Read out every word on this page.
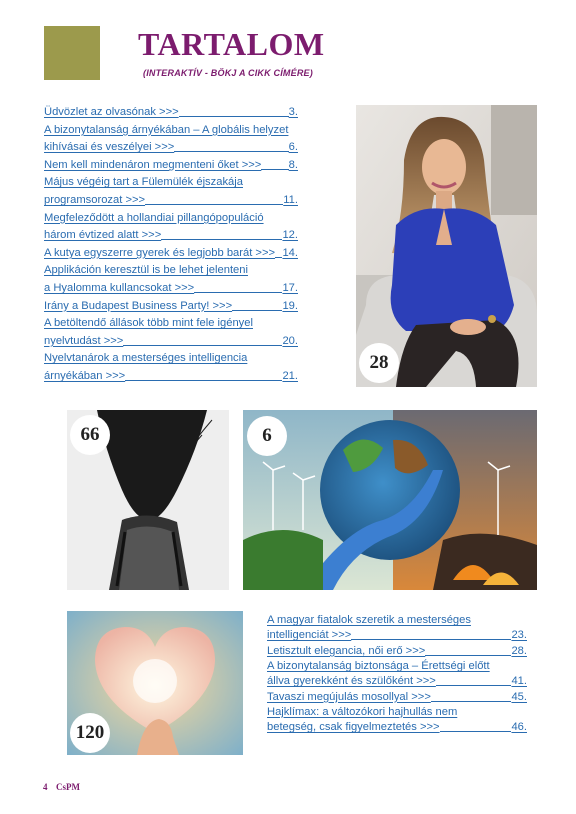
TARTALOM
(INTERAKTÍV - BÖKJ A CIKK CÍMÉRE)
Üdvözlet az olvasónak >>>	3.
A bizonytalanság árnyékában – A globális helyzet
kihívásai és veszélyei >>>	6.
Nem kell mindenáron megmenteni őket >>> 8.
Május végéig tart a Fülemülék éjszakája
programsorozat >>>	11.
Megfeleződött a hollandiai pillangópopuláció
három évtized alatt >>>	12.
A kutya egyszerre gyerek és legjobb barát >>> 14.
Applikáción keresztül is be lehet jelenteni
a Hyalomma kullancsokat >>>	17.
Irány a Budapest Business Party! >>>	19.
A betöltendő állások több mint fele igényel
nyelvtudást >>>	20.
Nyelvtanárok a mesterséges intelligencia
árnyékában >>>	21.
28
66	6
120
A magyar fiatalok szeretik a mesterséges
intelligenciát >>>	23.
Letisztult elegancia, női erő >>>	28.
A bizonytalanság biztonsága – Érettségi előtt
állva gyerekként és szülőként >>>	41.
Tavaszi megújulás mosollyal >>>	45.
Hajklímax: a változókori hajhullás nem
betegség, csak figyelmeztetés >>>	46.
4 CsPM
